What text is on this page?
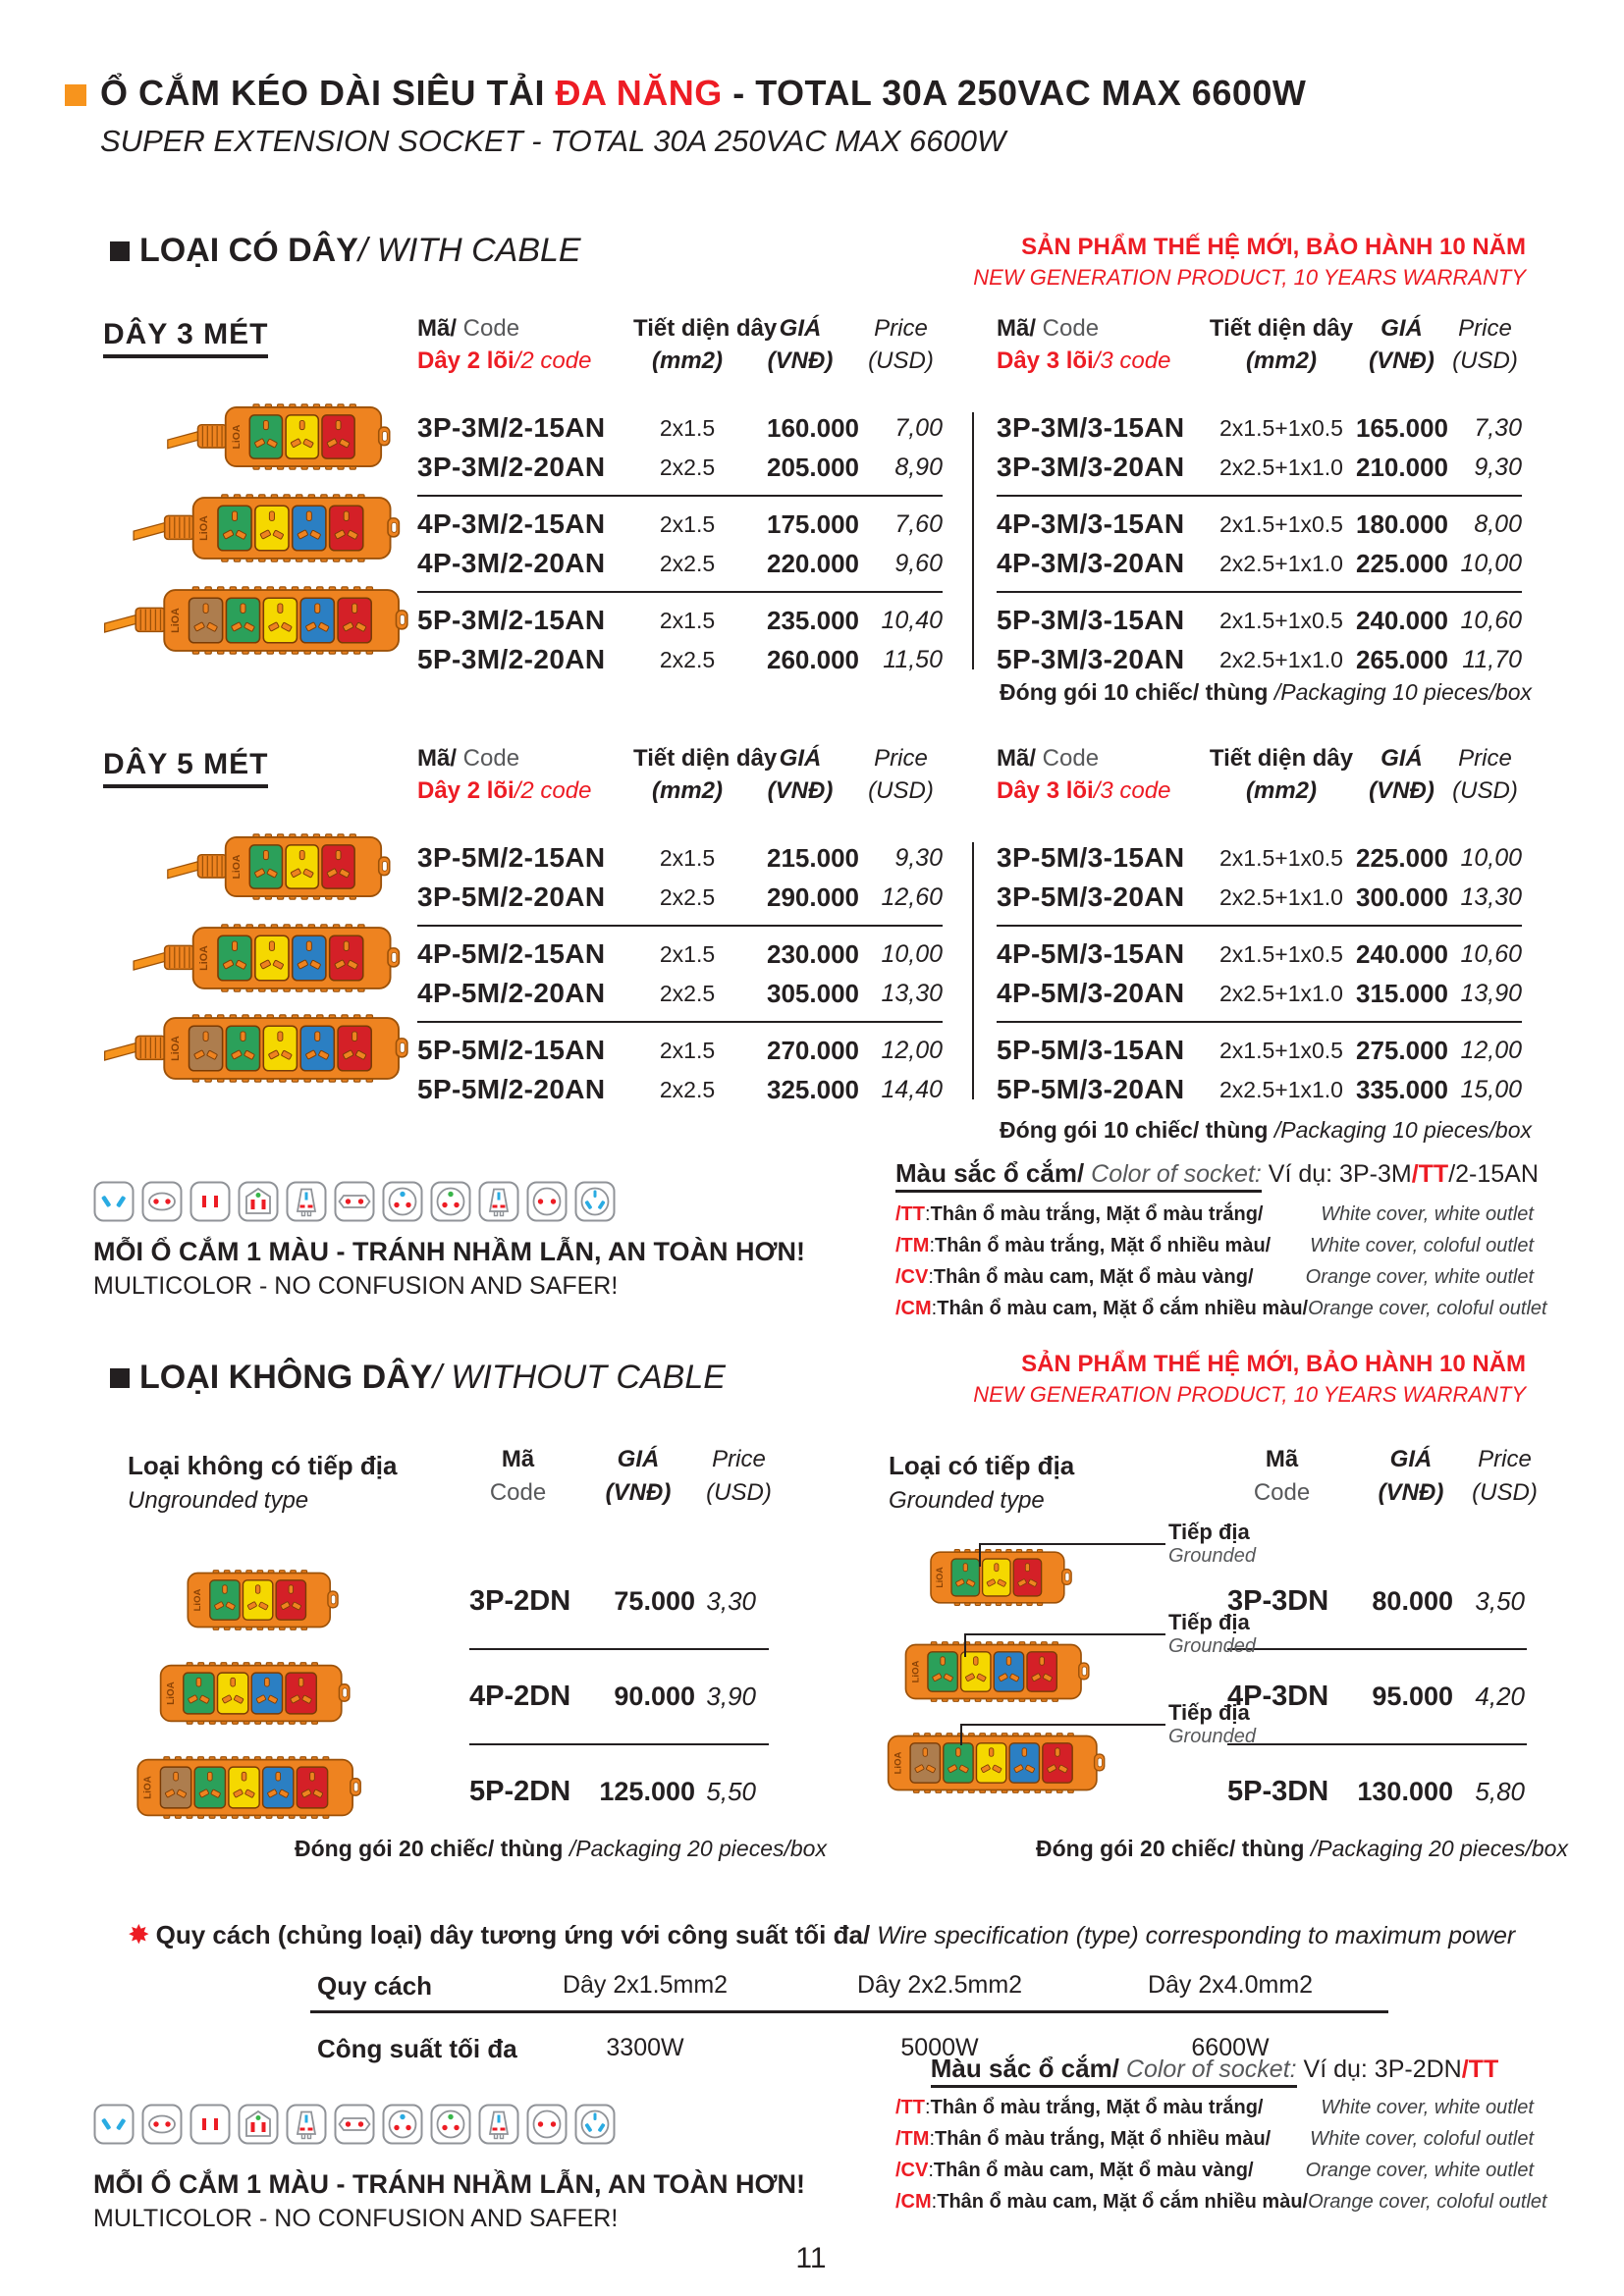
Ổ CẮM KÉO DÀI SIÊU TẢI ĐA NĂNG - TOTAL 30A 250VAC MAX 6600W
SUPER EXTENSION SOCKET - TOTAL 30A 250VAC MAX 6600W
LOẠI CÓ DÂY/ WITH CABLE	SẢN PHẨM THẾ HỆ MỚI, BẢO HÀNH 10 NĂM
NEW GENERATION PRODUCT, 10 YEARS WARRANTY
DÂY 3 MÉT	Mã/ Code
Dây 2 lõi/2 code
Tiết diện dây
(mm2)
GIÁ
(VNĐ)
Price
(USD)
Mã/ Code
Dây 3 lõi/3 code
Tiết diện dây
(mm2)
GIÁ
(VNĐ)
Price
(USD)
3P-3M/2-15AN	2x1.5	160.000	7,00
3P-3M/2-20AN	2x2.5	205.000	8,90
4P-3M/2-15AN	2x1.5	175.000	7,60
4P-3M/2-20AN	2x2.5	220.000	9,60
5P-3M/2-15AN	2x1.5	235.000 10,40
5P-3M/2-20AN	2x2.5	260.000 11,50
3P-3M/3-15AN	2x1.5+1x0.5 165.000	7,30
3P-3M/3-20AN	2x2.5+1x1.0 210.000	9,30
4P-3M/3-15AN	2x1.5+1x0.5 180.000	8,00
4P-3M/3-20AN	2x2.5+1x1.0 225.000 10,00
5P-3M/3-15AN	2x1.5+1x0.5 240.000 10,60
5P-3M/3-20AN	2x2.5+1x1.0 265.000 11,70
Đóng gói 10 chiếc/ thùng /Packaging 10 pieces/box
LiOA
LiOA
LiOA
DÂY 5 MÉT	Mã/ Code
Dây 2 lõi/2 code
Tiết diện dây
(mm2)
GIÁ
(VNĐ)
Price
(USD)
Mã/ Code
Dây 3 lõi/3 code
Tiết diện dây
(mm2)
GIÁ
(VNĐ)
Price
(USD)
3P-5M/2-15AN	2x1.5	215.000	9,30
3P-5M/2-20AN	2x2.5	290.000 12,60
4P-5M/2-15AN	2x1.5	230.000 10,00
4P-5M/2-20AN	2x2.5	305.000 13,30
5P-5M/2-15AN	2x1.5	270.000 12,00
5P-5M/2-20AN	2x2.5	325.000 14,40
3P-5M/3-15AN	2x1.5+1x0.5 225.000 10,00
3P-5M/3-20AN	2x2.5+1x1.0 300.000 13,30
4P-5M/3-15AN	2x1.5+1x0.5 240.000 10,60
4P-5M/3-20AN	2x2.5+1x1.0 315.000 13,90
5P-5M/3-15AN	2x1.5+1x0.5 275.000 12,00
5P-5M/3-20AN	2x2.5+1x1.0 335.000 15,00
Đóng gói 10 chiếc/ thùng /Packaging 10 pieces/box
LiOA
LiOA
LiOA
MỖI Ổ CẮM 1 MÀU - TRÁNH NHẦM LẪN, AN TOÀN HƠN!
MULTICOLOR - NO CONFUSION AND SAFER!
Màu sắc ổ cắm/ Color of socket: Ví dụ: 3P-3M/TT/2-15AN
/TT : Thân ổ màu trắng, Mặt ổ màu trắng/	White cover, white outlet
/TM : Thân ổ màu trắng, Mặt ổ nhiều màu/ White cover, coloful outlet
/CV : Thân ổ màu cam, Mặt ổ màu vàng/	Orange cover, white outlet
/CM : Thân ổ màu cam, Mặt ổ cắm nhiều màu/ Orange cover, coloful outlet
LOẠI KHÔNG DÂY/ WITHOUT CABLE	SẢN PHẨM THẾ HỆ MỚI, BẢO HÀNH 10 NĂM
NEW GENERATION PRODUCT, 10 YEARS WARRANTY
Loại không có tiếp địa
Ungrounded type
Mã
Code
GIÁ
(VNĐ)
Price
(USD)
3P-2DN	75.000 3,30
4P-2DN	90.000 3,90
5P-2DN	125.000 5,50
Đóng gói 20 chiếc/ thùng /Packaging 20 pieces/box
LiOA
LiOA
LiOA
Loại có tiếp địa
Grounded type
Mã
Code
GIÁ
(VNĐ)
Price
(USD)
3P-3DN	80.000 3,50
4P-3DN	95.000 4,20
5P-3DN	130.000 5,80
Đóng gói 20 chiếc/ thùng /Packaging 20 pieces/box
LiOA
LiOA
LiOA
Tiếp địa
Grounded
Tiếp địa
Grounded
Tiếp địa
Grounded
✸ Quy cách (chủng loại) dây tương ứng với công suất tối đa/ Wire specification (type) corresponding to maximum power
Quy cách	Dây 2x1.5mm2	Dây 2x2.5mm2	Dây 2x4.0mm2
Công suất tối đa	3300W	5000W	6600W
Màu sắc ổ cắm/ Color of socket: Ví dụ: 3P-2DN/TT
/TT : Thân ổ màu trắng, Mặt ổ màu trắng/	White cover, white outlet
/TM : Thân ổ màu trắng, Mặt ổ nhiều màu/ White cover, coloful outlet
/CV : Thân ổ màu cam, Mặt ổ màu vàng/	Orange cover, white outlet
/CM : Thân ổ màu cam, Mặt ổ cắm nhiều màu/ Orange cover, coloful outlet
MỖI Ổ CẮM 1 MÀU - TRÁNH NHẦM LẪN, AN TOÀN HƠN!
MULTICOLOR - NO CONFUSION AND SAFER!
11
